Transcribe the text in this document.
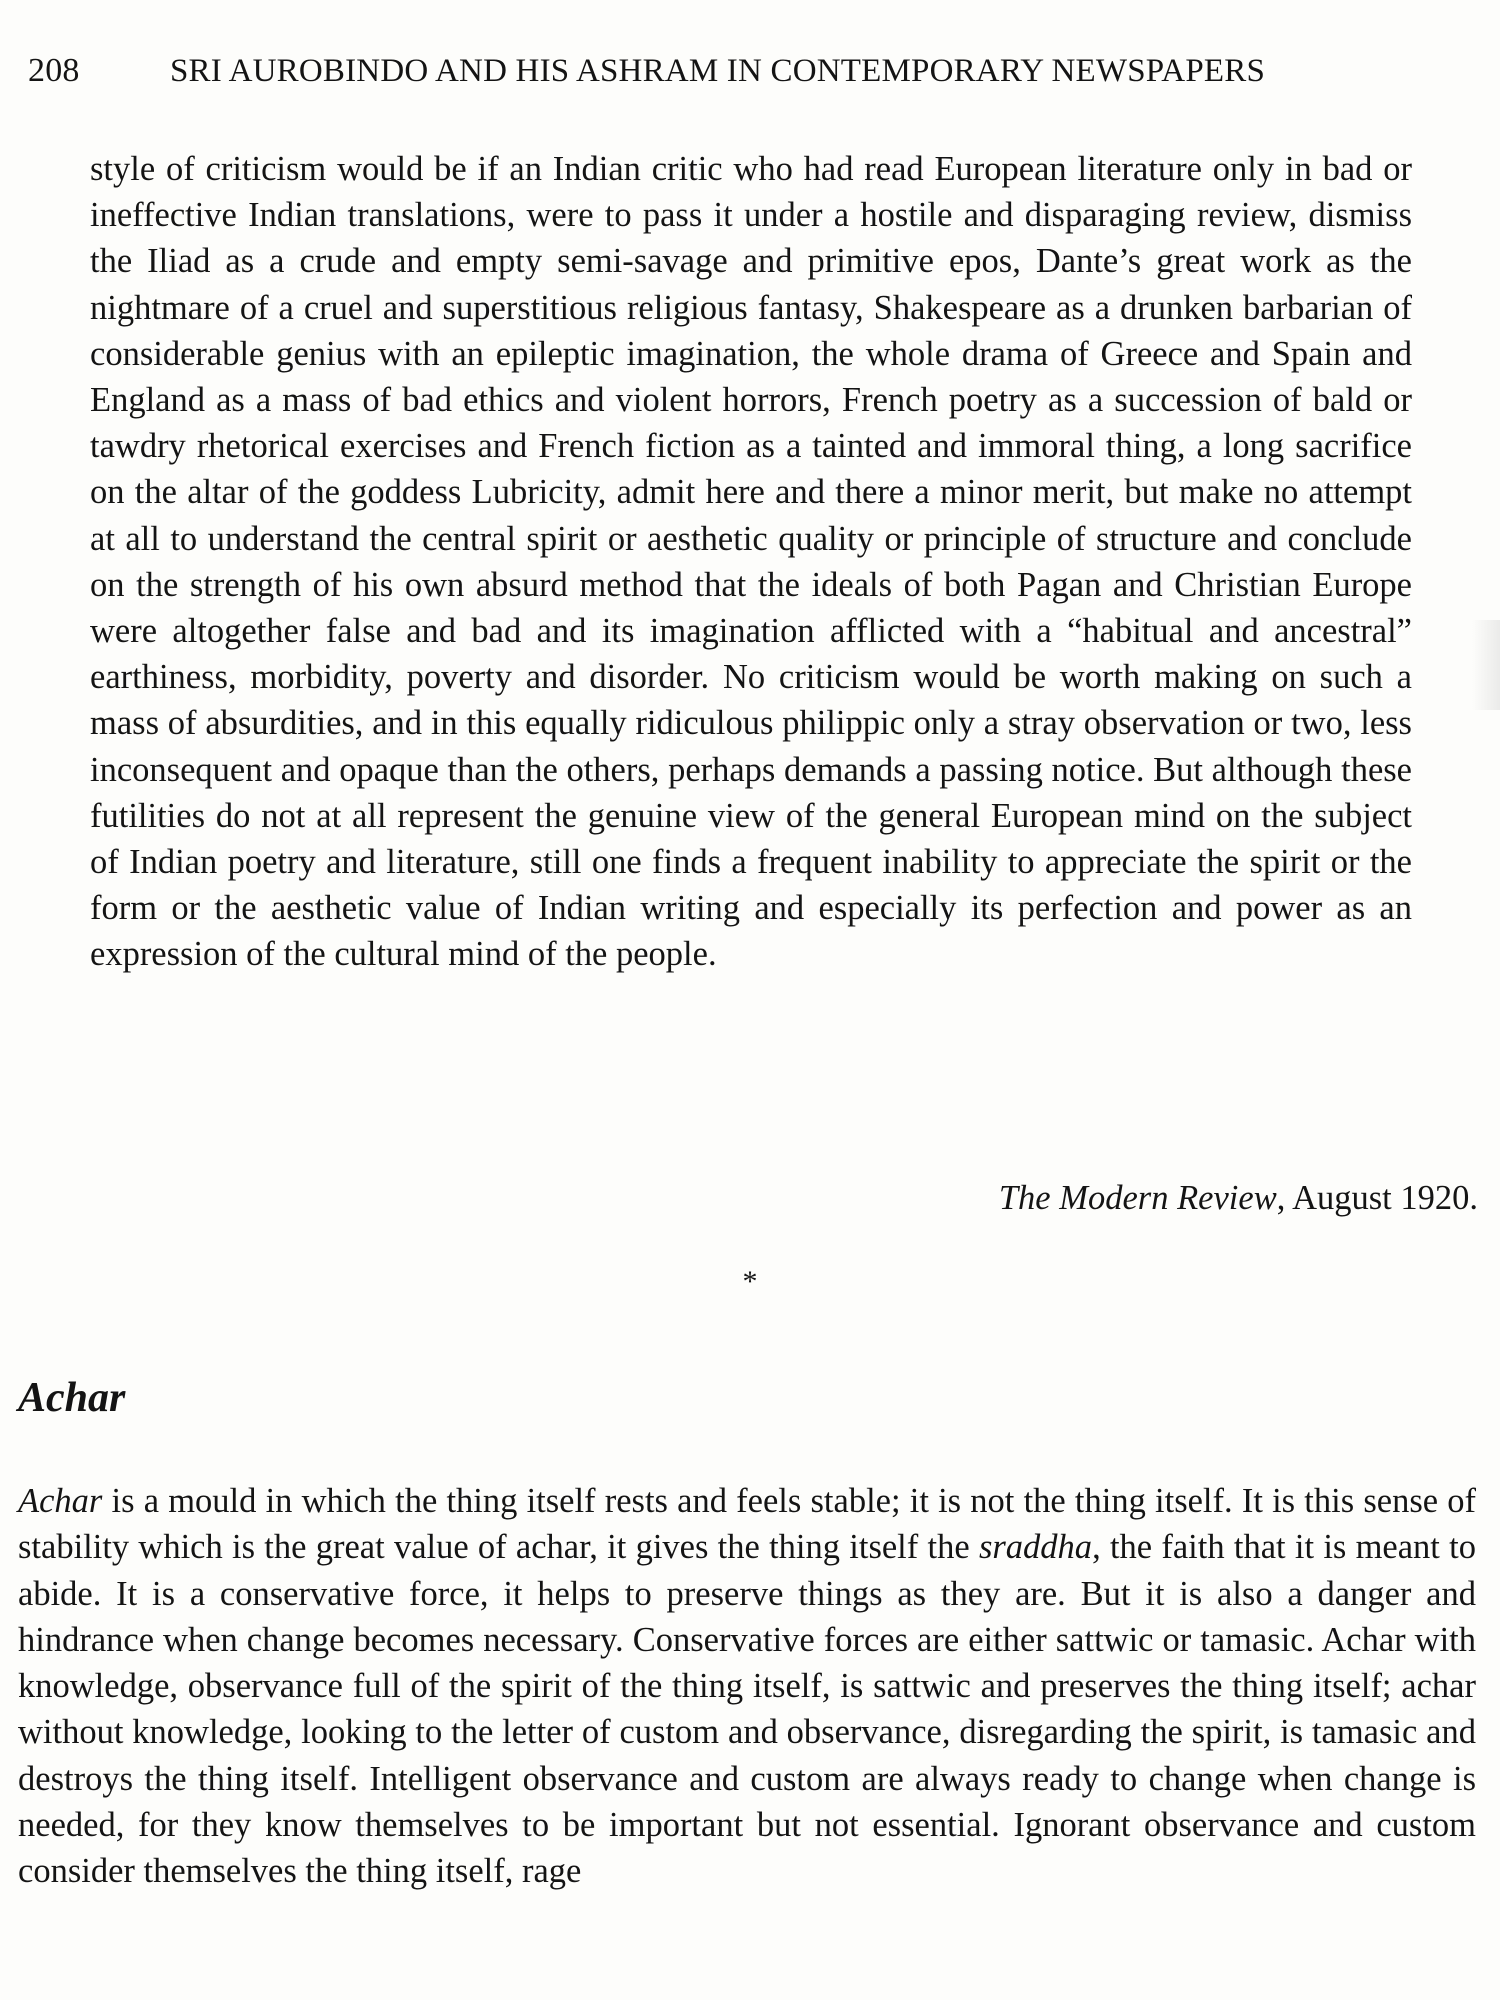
208	SRI AUROBINDO AND HIS ASHRAM IN CONTEMPORARY NEWSPAPERS

style of criticism would be if an Indian critic who had read European literature only in bad or ineffective Indian translations, were to pass it under a hostile and disparaging review, dismiss the Iliad as a crude and empty semi-savage and primitive epos, Dante’s great work as the nightmare of a cruel and superstitious religious fantasy, Shakespeare as a drunken barbarian of considerable genius with an epileptic imagination, the whole drama of Greece and Spain and England as a mass of bad ethics and violent horrors, French poetry as a succession of bald or tawdry rhetorical exercises and French fiction as a tainted and immoral thing, a long sacrifice on the altar of the goddess Lubricity, admit here and there a minor merit, but make no attempt at all to understand the central spirit or aesthetic quality or principle of structure and conclude on the strength of his own absurd method that the ideals of both Pagan and Christian Europe were altogether false and bad and its imagination afflicted with a “habitual and ancestral” earthiness, morbidity, poverty and disorder. No criticism would be worth making on such a mass of absurdities, and in this equally ridiculous philippic only a stray observation or two, less inconsequent and opaque than the others, perhaps demands a passing notice. But although these futilities do not at all represent the genuine view of the general European mind on the subject of Indian poetry and literature, still one finds a frequent inability to appreciate the spirit or the form or the aesthetic value of Indian writing and especially its perfection and power as an expression of the cultural mind of the people.

The Modern Review, August 1920.
*
Achar

Achar is a mould in which the thing itself rests and feels stable; it is not the thing itself. It is this sense of stability which is the great value of achar, it gives the thing itself the sraddha, the faith that it is meant to abide. It is a conservative force, it helps to preserve things as they are. But it is also a danger and hindrance when change becomes necessary. Conservative forces are either sattwic or tamasic. Achar with knowledge, observance full of the spirit of the thing itself, is sattwic and preserves the thing itself; achar without knowledge, looking to the letter of custom and observance, disregarding the spirit, is tamasic and destroys the thing itself. Intelligent observance and custom are always ready to change when change is needed, for they know themselves to be important but not essential. Ignorant observance and custom consider themselves the thing itself, rage
